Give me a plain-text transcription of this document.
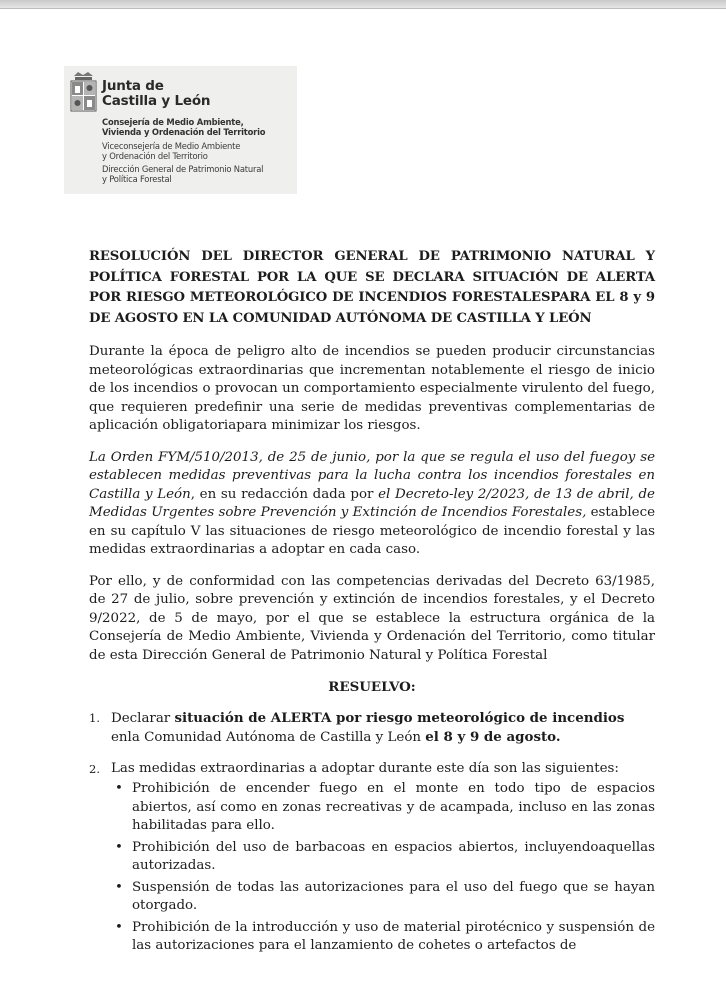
Junta de
Castilla y León
Consejería de Medio Ambiente,
Vivienda y Ordenación del Territorio
Viceconsejería de Medio Ambiente
y Ordenación del Territorio
Dirección General de Patrimonio Natural
y Política Forestal
RESOLUCIÓN DEL DIRECTOR GENERAL DE PATRIMONIO NATURAL Y POLÍTICA FORESTAL POR LA QUE SE DECLARA SITUACIÓN DE ALERTA POR RIESGO METEOROLÓGICO DE INCENDIOS FORESTALESPARA EL 8 y 9 DE AGOSTO EN LA COMUNIDAD AUTÓNOMA DE CASTILLA Y LEÓN

Durante la época de peligro alto de incendios se pueden producir circunstancias meteorológicas extraordinarias que incrementan notablemente el riesgo de inicio de los incendios o provocan un comportamiento especialmente virulento del fuego, que requieren predefinir una serie de medidas preventivas complementarias de aplicación obligatoriapara minimizar los riesgos.

La Orden FYM/510/2013, de 25 de junio, por la que se regula el uso del fuegoy se establecen medidas preventivas para la lucha contra los incendios forestales en Castilla y León, en su redacción dada por el Decreto-ley 2/2023, de 13 de abril, de Medidas Urgentes sobre Prevención y Extinción de Incendios Forestales, establece en su capítulo V las situaciones de riesgo meteorológico de incendio forestal y las medidas extraordinarias a adoptar en cada caso.

Por ello, y de conformidad con las competencias derivadas del Decreto 63/1985, de 27 de julio, sobre prevención y extinción de incendios forestales, y el Decreto 9/2022, de 5 de mayo, por el que se establece la estructura orgánica de la Consejería de Medio Ambiente, Vivienda y Ordenación del Territorio, como titular de esta Dirección General de Patrimonio Natural y Política Forestal

RESUELVO:
1. Declarar situación de ALERTA por riesgo meteorológico de incendios enla Comunidad Autónoma de Castilla y León el 8 y 9 de agosto.
2. Las medidas extraordinarias a adoptar durante este día son las siguientes:
• Prohibición de encender fuego en el monte en todo tipo de espacios abiertos, así como en zonas recreativas y de acampada, incluso en las zonas habilitadas para ello.
• Prohibición del uso de barbacoas en espacios abiertos, incluyendoaquellas autorizadas.
• Suspensión de todas las autorizaciones para el uso del fuego que se hayan otorgado.
• Prohibición de la introducción y uso de material pirotécnico y suspensión de las autorizaciones para el lanzamiento de cohetes o artefactos de
